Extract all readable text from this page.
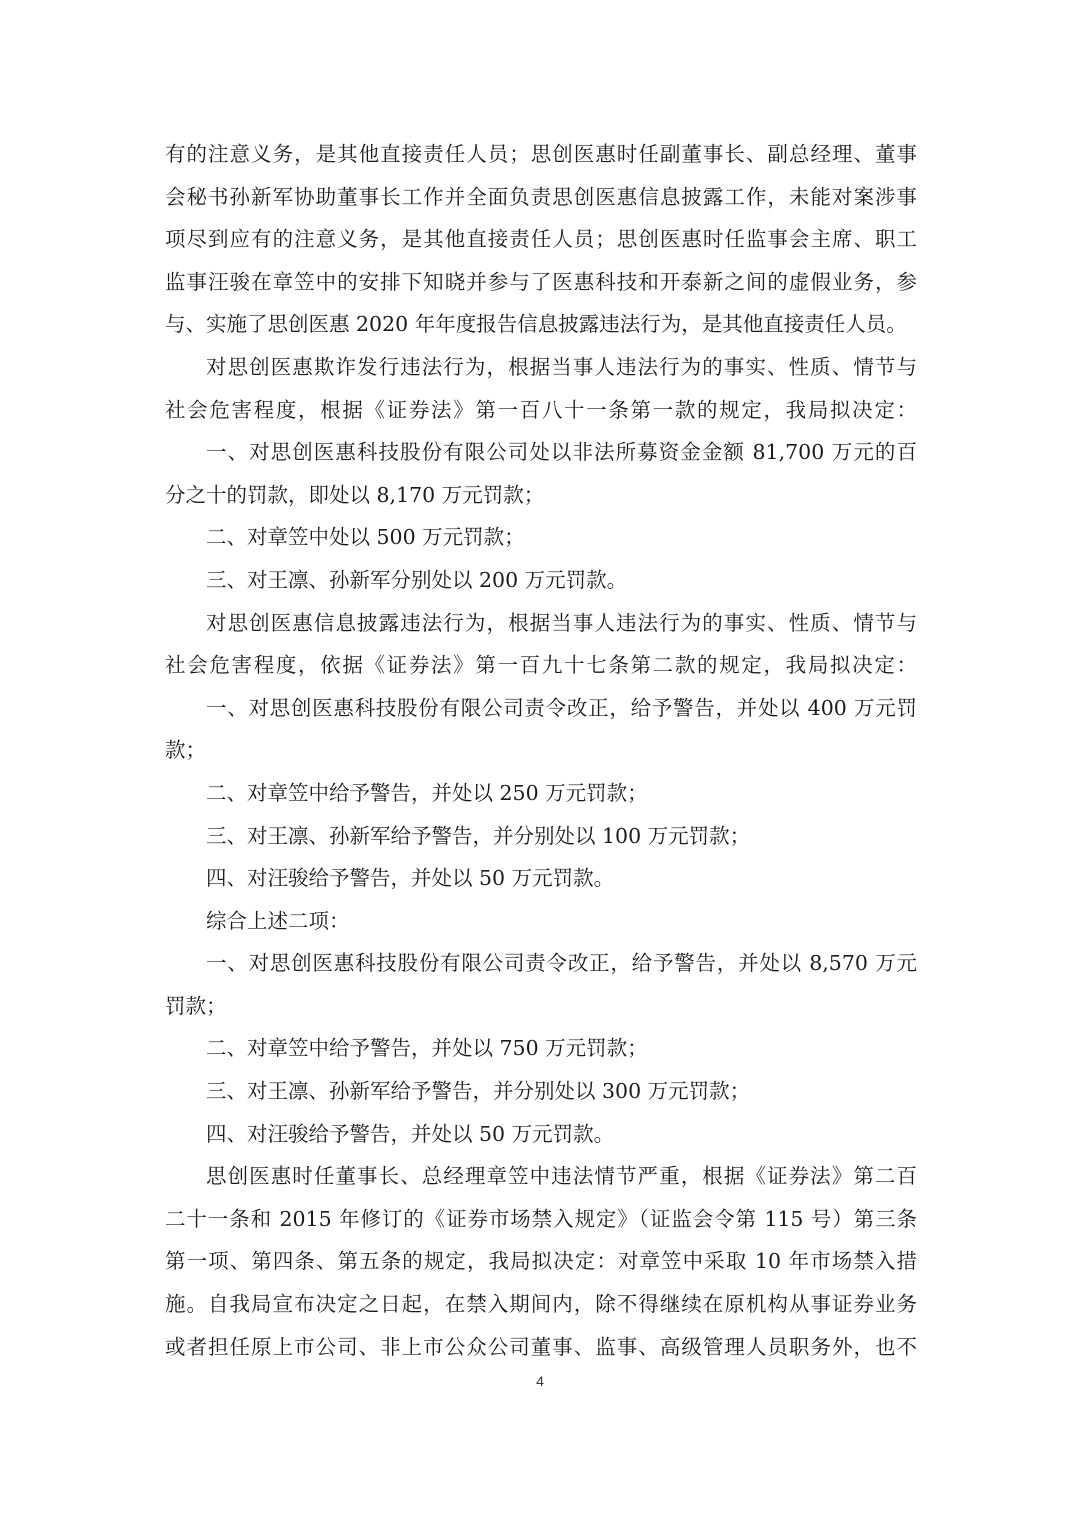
有的注意义务，是其他直接责任人员；思创医惠时任副董事长、副总经理、董事
会秘书孙新军协助董事长工作并全面负责思创医惠信息披露工作，未能对案涉事
项尽到应有的注意义务，是其他直接责任人员；思创医惠时任监事会主席、职工
监事汪骏在章笠中的安排下知晓并参与了医惠科技和开泰新之间的虚假业务，参
与、实施了思创医惠 2020 年年度报告信息披露违法行为，是其他直接责任人员。
对思创医惠欺诈发行违法行为，根据当事人违法行为的事实、性质、情节与
社会危害程度，根据《证券法》第一百八十一条第一款的规定，我局拟决定：
一、对思创医惠科技股份有限公司处以非法所募资金金额 81,700 万元的百
分之十的罚款，即处以 8,170 万元罚款；
二、对章笠中处以 500 万元罚款；
三、对王凛、孙新军分别处以 200 万元罚款。
对思创医惠信息披露违法行为，根据当事人违法行为的事实、性质、情节与
社会危害程度，依据《证券法》第一百九十七条第二款的规定，我局拟决定：
一、对思创医惠科技股份有限公司责令改正，给予警告，并处以 400 万元罚
款；
二、对章笠中给予警告，并处以 250 万元罚款；
三、对王凛、孙新军给予警告，并分别处以 100 万元罚款；
四、对汪骏给予警告，并处以 50 万元罚款。
综合上述二项：
一、对思创医惠科技股份有限公司责令改正，给予警告，并处以 8,570 万元
罚款；
二、对章笠中给予警告，并处以 750 万元罚款；
三、对王凛、孙新军给予警告，并分别处以 300 万元罚款；
四、对汪骏给予警告，并处以 50 万元罚款。
思创医惠时任董事长、总经理章笠中违法情节严重，根据《证券法》第二百
二十一条和 2015 年修订的《证券市场禁入规定》（证监会令第 115 号）第三条
第一项、第四条、第五条的规定，我局拟决定：对章笠中采取 10 年市场禁入措
施。自我局宣布决定之日起，在禁入期间内，除不得继续在原机构从事证券业务
或者担任原上市公司、非上市公众公司董事、监事、高级管理人员职务外，也不
4
